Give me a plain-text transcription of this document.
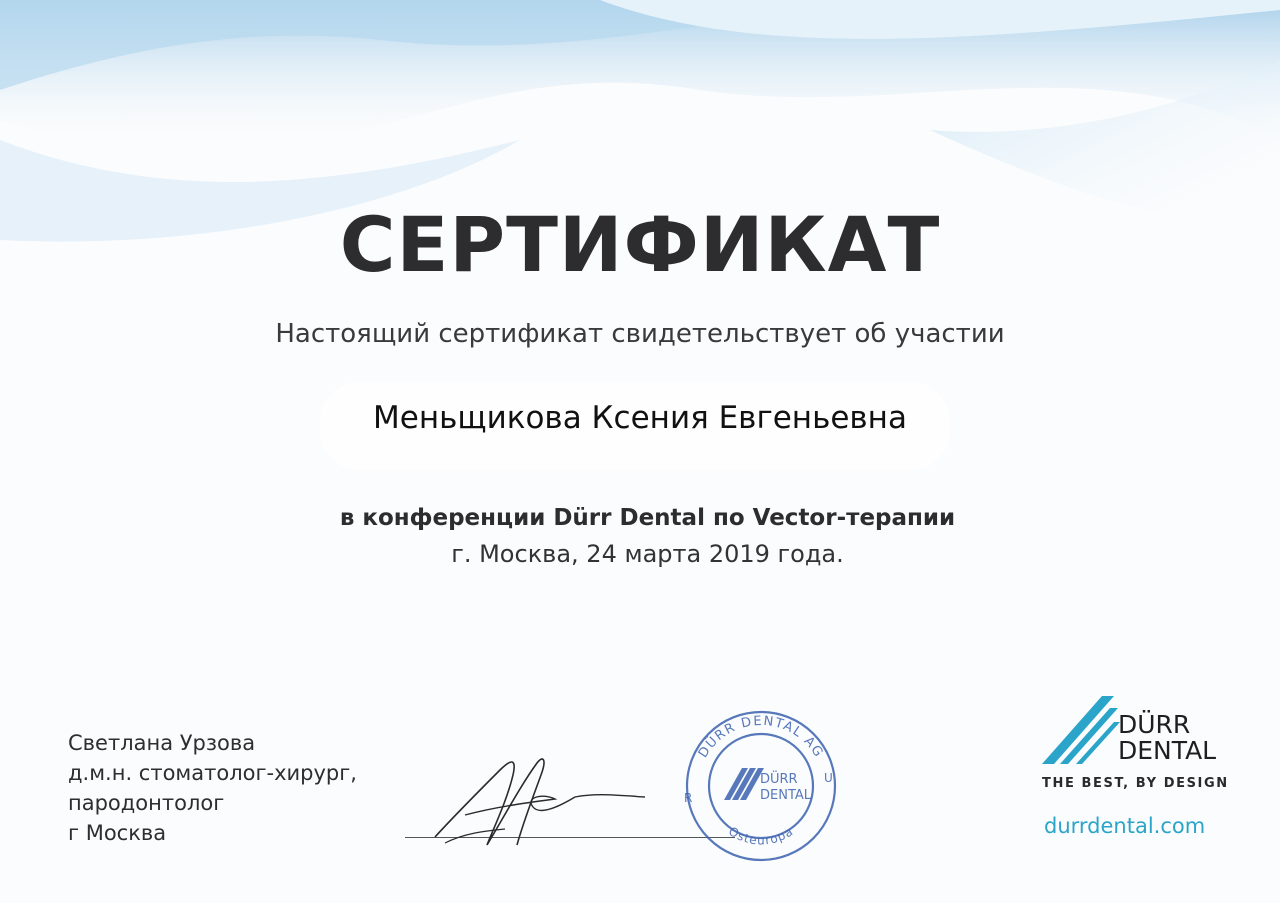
СЕРТИФИКАТ
Настоящий сертификат свидетельствует об участии
Меньщикова Ксения Евгеньевна
в конференции Dürr Dental по Vector-терапии
г. Москва, 24 марта 2019 года.
Светлана Урзова
д.м.н. стоматолог-хирург,
пародонтолог
г Москва
DÜRR DENTAL AG
Osteuropa
R
U
DÜRR
DENTAL
DÜRR
DENTAL
THE BEST, BY DESIGN
durrdental.com
